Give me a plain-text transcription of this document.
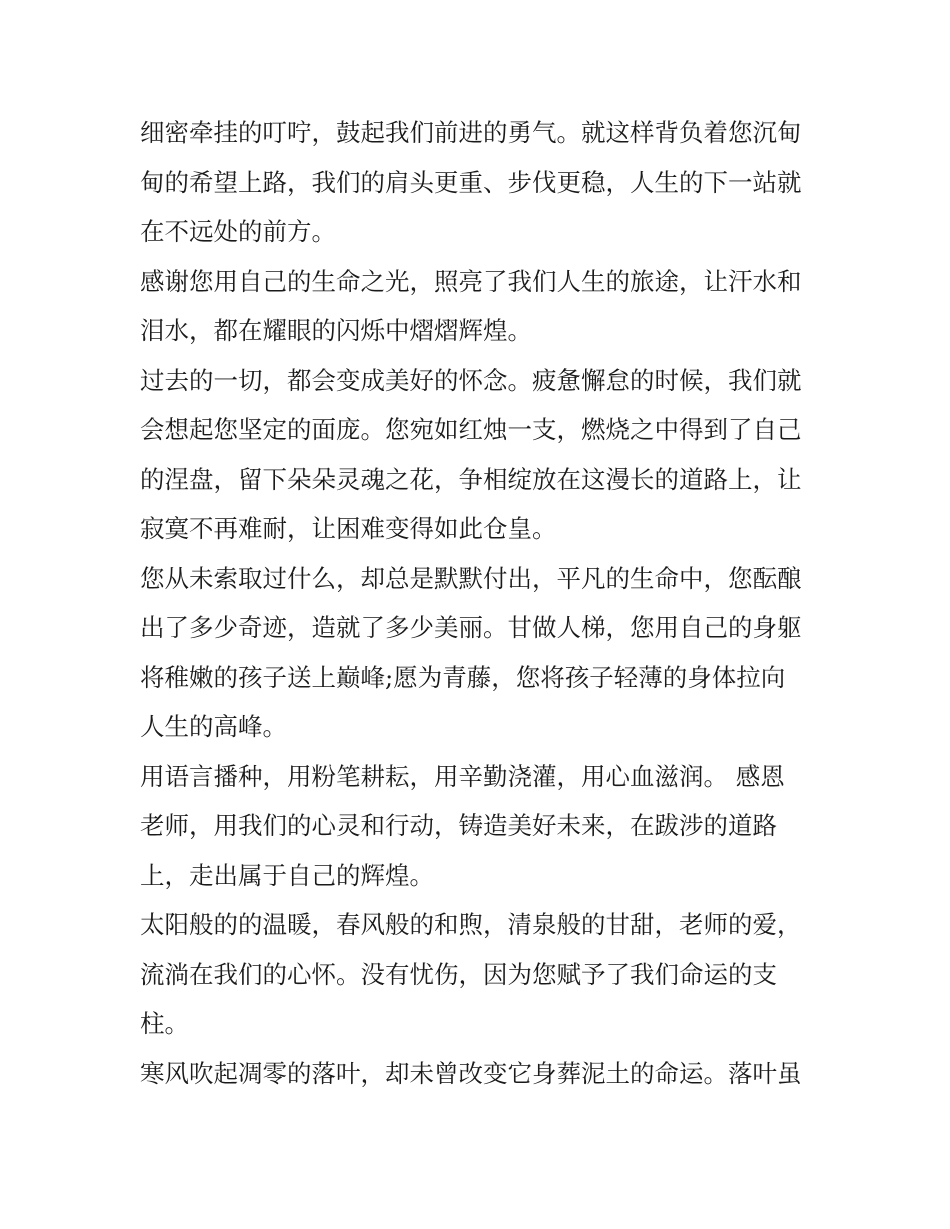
细密牵挂的叮咛，鼓起我们前进的勇气。就这样背负着您沉甸
甸的希望上路，我们的肩头更重、步伐更稳，人生的下一站就
在不远处的前方。
感谢您用自己的生命之光，照亮了我们人生的旅途，让汗水和
泪水，都在耀眼的闪烁中熠熠辉煌。
过去的一切，都会变成美好的怀念。疲惫懈怠的时候，我们就
会想起您坚定的面庞。您宛如红烛一支，燃烧之中得到了自己
的涅盘，留下朵朵灵魂之花，争相绽放在这漫长的道路上，让
寂寞不再难耐，让困难变得如此仓皇。
您从未索取过什么，却总是默默付出，平凡的生命中，您酝酿
出了多少奇迹，造就了多少美丽。甘做人梯，您用自己的身躯
将稚嫩的孩子送上巅峰;愿为青藤，您将孩子轻薄的身体拉向
人生的高峰。
用语言播种，用粉笔耕耘，用辛勤浇灌，用心血滋润。 感恩
老师，用我们的心灵和行动，铸造美好未来，在跋涉的道路
上，走出属于自己的辉煌。
太阳般的的温暖，春风般的和煦，清泉般的甘甜，老师的爱，
流淌在我们的心怀。没有忧伤，因为您赋予了我们命运的支
柱。
寒风吹起凋零的落叶，却未曾改变它身葬泥土的命运。落叶虽
